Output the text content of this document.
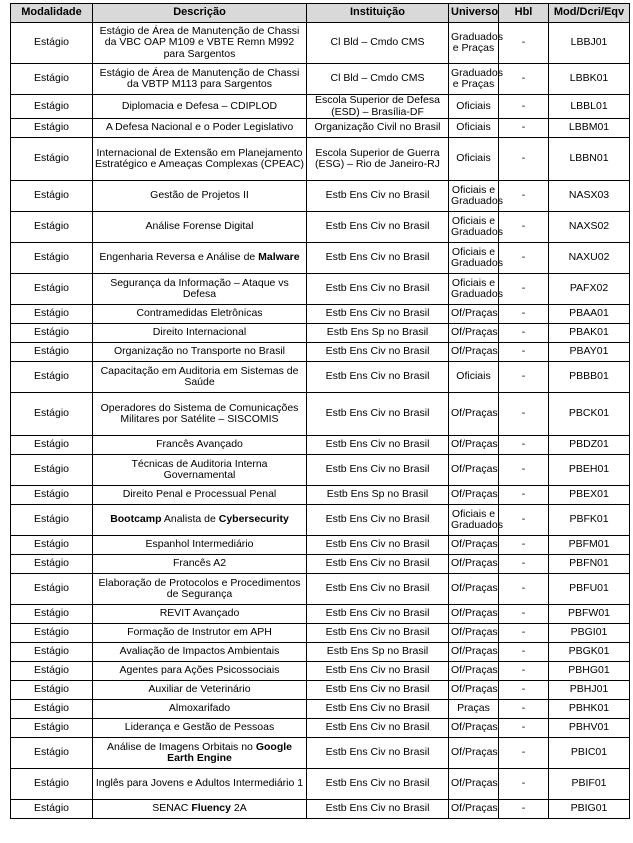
Modalidade	Descrição	Instituição	Universo	Hbl	Mod/Dcri/Eqv
Estágio	Estágio de Área de Manutenção de Chassi da VBC OAP M109 e VBTE Remn M992 para Sargentos	Cl Bld – Cmdo CMS	Graduados e Praças	-	LBBJ01
Estágio	Estágio de Área de Manutenção de Chassi da VBTP M113 para Sargentos	Cl Bld – Cmdo CMS	Graduados e Praças	-	LBBK01
Estágio	Diplomacia e Defesa – CDIPLOD	Escola Superior de Defesa (ESD) – Brasília-DF	Oficiais	-	LBBL01
Estágio	A Defesa Nacional e o Poder Legislativo	Organização Civil no Brasil	Oficiais	-	LBBM01
Estágio	Internacional de Extensão em Planejamento Estratégico e Ameaças Complexas (CPEAC)	Escola Superior de Guerra (ESG) – Rio de Janeiro-RJ	Oficiais	-	LBBN01
Estágio	Gestão de Projetos II	Estb Ens Civ no Brasil	Oficiais e Graduados	-	NASX03
Estágio	Análise Forense Digital	Estb Ens Civ no Brasil	Oficiais e Graduados	-	NAXS02
Estágio	Engenharia Reversa e Análise de Malware	Estb Ens Civ no Brasil	Oficiais e Graduados	-	NAXU02
Estágio	Segurança da Informação – Ataque vs Defesa	Estb Ens Civ no Brasil	Oficiais e Graduados	-	PAFX02
Estágio	Contramedidas Eletrônicas	Estb Ens Civ no Brasil	Of/Praças	-	PBAA01
Estágio	Direito Internacional	Estb Ens Sp no Brasil	Of/Praças	-	PBAK01
Estágio	Organização no Transporte no Brasil	Estb Ens Civ no Brasil	Of/Praças	-	PBAY01
Estágio	Capacitação em Auditoria em Sistemas de Saúde	Estb Ens Civ no Brasil	Oficiais	-	PBBB01
Estágio	Operadores do Sistema de Comunicações Militares por Satélite – SISCOMIS	Estb Ens Civ no Brasil	Of/Praças	-	PBCK01
Estágio	Francês Avançado	Estb Ens Civ no Brasil	Of/Praças	-	PBDZ01
Estágio	Técnicas de Auditoria Interna Governamental	Estb Ens Civ no Brasil	Of/Praças	-	PBEH01
Estágio	Direito Penal e Processual Penal	Estb Ens Sp no Brasil	Of/Praças	-	PBEX01
Estágio	Bootcamp Analista de Cybersecurity	Estb Ens Civ no Brasil	Oficiais e Graduados	-	PBFK01
Estágio	Espanhol Intermediário	Estb Ens Civ no Brasil	Of/Praças	-	PBFM01
Estágio	Francês A2	Estb Ens Civ no Brasil	Of/Praças	-	PBFN01
Estágio	Elaboração de Protocolos e Procedimentos de Segurança	Estb Ens Civ no Brasil	Of/Praças	-	PBFU01
Estágio	REVIT Avançado	Estb Ens Civ no Brasil	Of/Praças	-	PBFW01
Estágio	Formação de Instrutor em APH	Estb Ens Civ no Brasil	Of/Praças	-	PBGI01
Estágio	Avaliação de Impactos Ambientais	Estb Ens Sp no Brasil	Of/Praças	-	PBGK01
Estágio	Agentes para Ações Psicossociais	Estb Ens Civ no Brasil	Of/Praças	-	PBHG01
Estágio	Auxiliar de Veterinário	Estb Ens Civ no Brasil	Of/Praças	-	PBHJ01
Estágio	Almoxarifado	Estb Ens Civ no Brasil	Praças	-	PBHK01
Estágio	Liderança e Gestão de Pessoas	Estb Ens Civ no Brasil	Of/Praças	-	PBHV01
Estágio	Análise de Imagens Orbitais no Google Earth Engine	Estb Ens Civ no Brasil	Of/Praças	-	PBIC01
Estágio	Inglês para Jovens e Adultos Intermediário 1	Estb Ens Civ no Brasil	Of/Praças	-	PBIF01
Estágio	SENAC Fluency 2A	Estb Ens Civ no Brasil	Of/Praças	-	PBIG01
